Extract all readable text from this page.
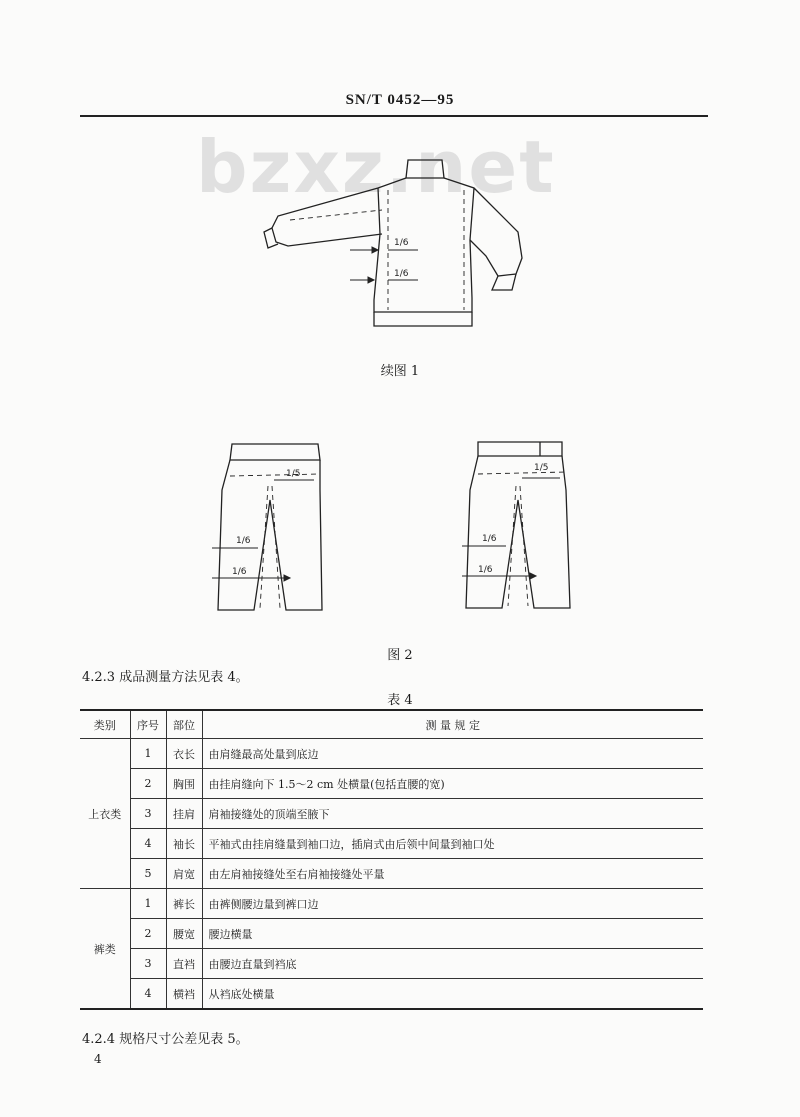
SN/T 0452—95
bzxz.net
1/6
1/6
续图 1
1/5
1/6
1/6
1/5
1/6
1/6
图 2
4.2.3 成品测量方法见表 4。
表 4
类别	序号	部位	测 量 规 定
上衣类	1	衣长	由肩缝最高处量到底边
	2	胸围	由挂肩缝向下 1.5～2 cm 处横量(包括直腰的宽)
	3	挂肩	肩袖接缝处的顶端至腋下
	4	袖长	平袖式由挂肩缝量到袖口边，插肩式由后领中间量到袖口处
	5	肩宽	由左肩袖接缝处至右肩袖接缝处平量
裤类	1	裤长	由裤侧腰边量到裤口边
	2	腰宽	腰边横量
	3	直裆	由腰边直量到裆底
	4	横裆	从裆底处横量
4.2.4 规格尺寸公差见表 5。
4
